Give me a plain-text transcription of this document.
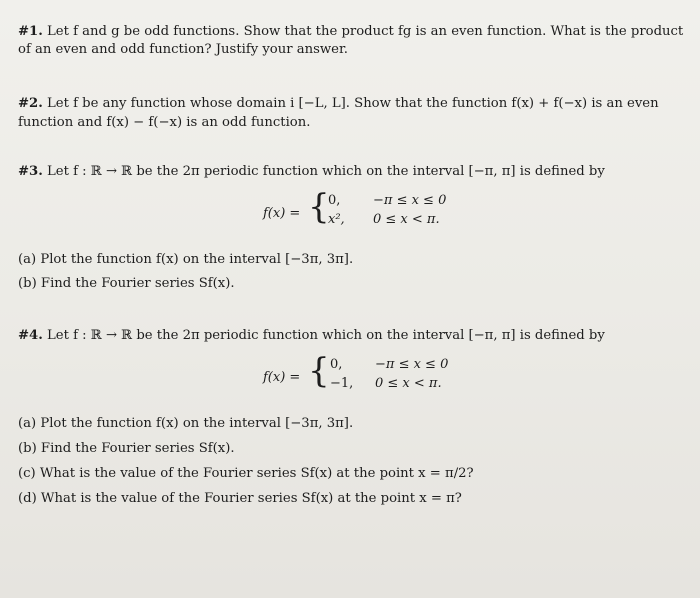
#1. Let f and g be odd functions. Show that the product fg is an even function. What is the product
of an even and odd function? Justify your answer.
#2. Let f be any function whose domain i [−L, L]. Show that the function f(x) + f(−x) is an even
function and f(x) − f(−x) is an odd function.
#3. Let f : ℝ → ℝ be the 2π periodic function which on the interval [−π, π] is defined by
f(x) = {
0,	−π ≤ x ≤ 0
x², 0 ≤ x < π.
(a) Plot the function f(x) on the interval [−3π, 3π].
(b) Find the Fourier series Sf(x).
#4. Let f : ℝ → ℝ be the 2π periodic function which on the interval [−π, π] is defined by
f(x) = { 0,	−π ≤ x ≤ 0
−1, 0 ≤ x < π.
(a) Plot the function f(x) on the interval [−3π, 3π].
(b) Find the Fourier series Sf(x).
(c) What is the value of the Fourier series Sf(x) at the point x = π/2?
(d) What is the value of the Fourier series Sf(x) at the point x = π?
